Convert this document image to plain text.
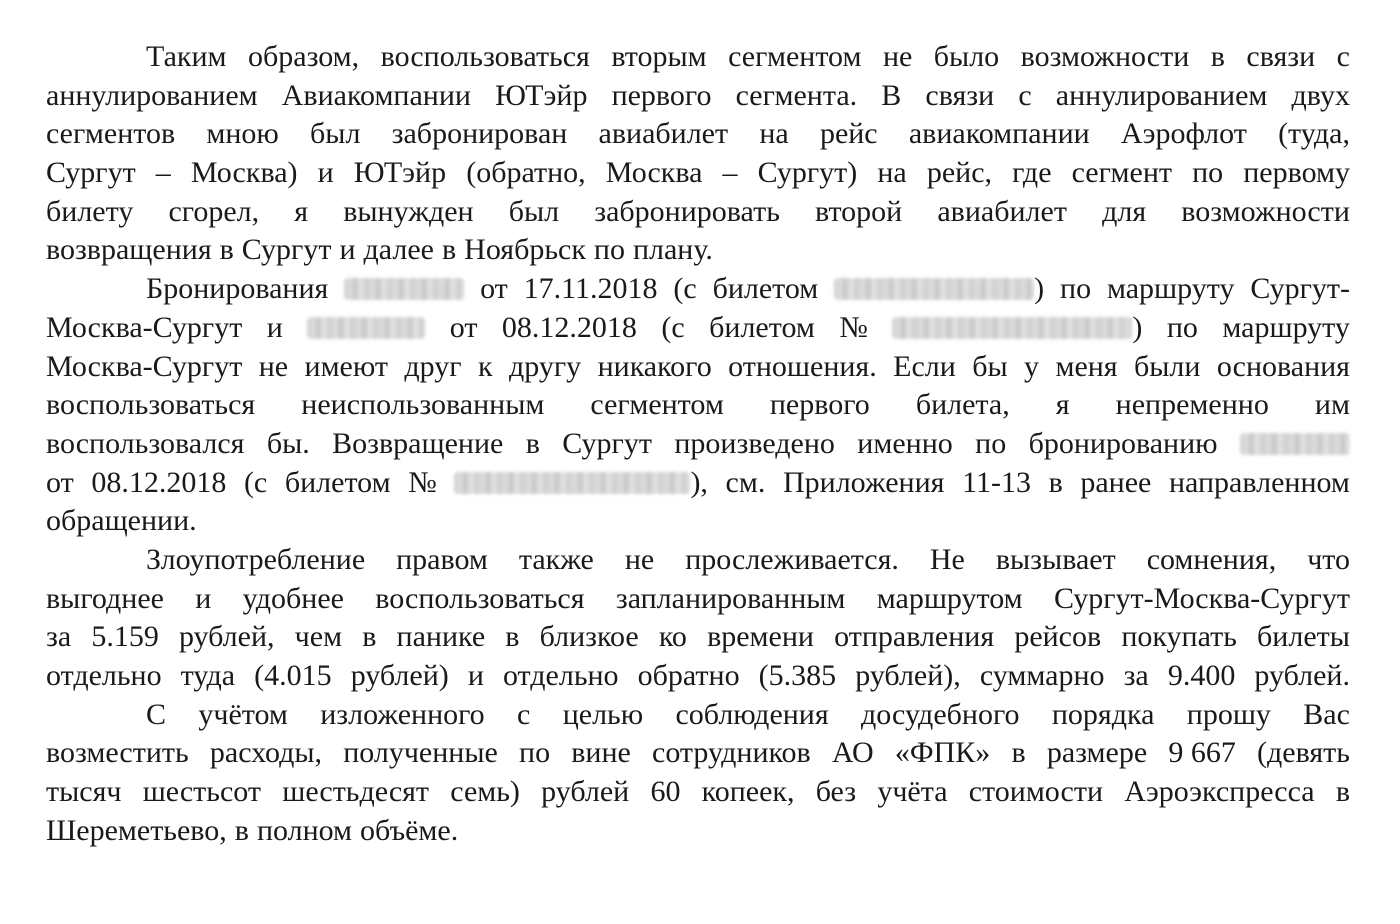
Таким образом, воспользоваться вторым сегментом не было возможности в связи с
аннулированием Авиакомпании ЮТэйр первого сегмента. В связи с аннулированием двух
сегментов мною был забронирован авиабилет на рейс авиакомпании Аэрофлот (туда,
Сургут – Москва) и ЮТэйр (обратно, Москва – Сургут) на рейс, где сегмент по первому
билету сгорел, я вынужден был забронировать второй авиабилет для возможности
возвращения в Сургут и далее в Ноябрьск по плану.
Бронирования	от 17.11.2018 (с билетом	) по маршруту Сургут-
Москва-Сургут и	от 08.12.2018 (с билетом №	) по маршруту
Москва-Сургут не имеют друг к другу никакого отношения. Если бы у меня были основания
воспользоваться неиспользованным сегментом первого билета, я непременно им
воспользовался бы. Возвращение в Сургут произведено именно по бронированию
от 08.12.2018 (с билетом №	), см. Приложения 11-13 в ранее направленном
обращении.
Злоупотребление правом также не прослеживается. Не вызывает сомнения, что
выгоднее и удобнее воспользоваться запланированным маршрутом Сургут-Москва-Сургут
за 5.159 рублей, чем в панике в близкое ко времени отправления рейсов покупать билеты
отдельно туда (4.015 рублей) и отдельно обратно (5.385 рублей), суммарно за 9.400 рублей.
С учётом изложенного с целью соблюдения досудебного порядка прошу Вас
возместить расходы, полученные по вине сотрудников АО «ФПК» в размере 9 667 (девять
тысяч шестьсот шестьдесят семь) рублей 60 копеек, без учёта стоимости Аэроэкспресса в
Шереметьево, в полном объёме.
